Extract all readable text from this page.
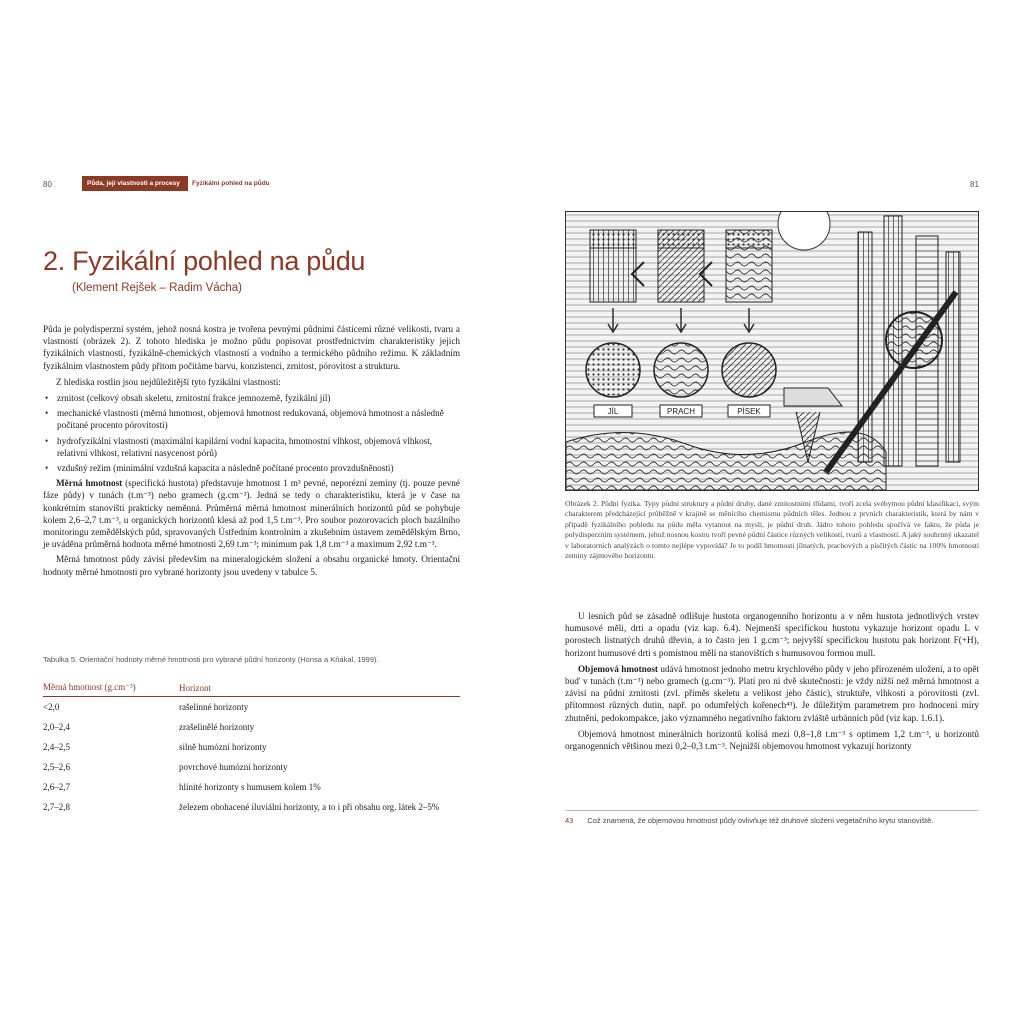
80	Půda, její vlastnosti a procesy	Fyzikální pohled na půdu	81
2. Fyzikální pohled na půdu
(Klement Rejšek – Radim Vácha)

Půda je polydisperzní systém, jehož nosná kostra je tvořena pevnými půdními částicemi různé velikosti, tvaru a vlastností (obrázek 2). Z tohoto hlediska je možno půdu popisovat prostřednictvím charakteristiky jejich fyzikálních vlastností, fyzikálně-chemických vlastností a vodního a termického půdního režimu. K základním fyzikálním vlastnostem půdy přitom počítáme barvu, konzistenci, zrnitost, pórovitost a strukturu.

Z hlediska rostlin jsou nejdůležitější tyto fyzikální vlastnosti:

• zrnitost (celkový obsah skeletu, zrnitostní frakce jemnozemě, fyzikální jíl)
• mechanické vlastnosti (měrná hmotnost, objemová hmotnost redukovaná, objemová hmotnost a následně počítané procento pórovitosti)
• hydrofyzikální vlastnosti (maximální kapilární vodní kapacita, hmotnostní vlhkost, objemová vlhkost, relativní vlhkost, relativní nasycenost pórů)
• vzdušný režim (minimální vzdušná kapacita a následně počítané procento provzdušněnosti)

Měrná hmotnost (specifická hustota) představuje hmotnost 1 m³ pevné, neporézní zeminy (tj. pouze pevné fáze půdy) v tunách (t.m⁻³) nebo gramech (g.cm⁻³). Jedná se tedy o charakteristiku, která je v čase na konkrétním stanovišti prakticky neměnná. Průměrná měrná hmotnost minerálních horizontů půd se pohybuje kolem 2,6–2,7 t.m⁻³, u organických horizontů klesá až pod 1,5 t.m⁻³. Pro soubor pozorovacích ploch bazálního monitoringu zemědělských půd, spravovaných Ústředním kontrolním a zkušebním ústavem zemědělským Brno, je uváděna průměrná hodnota měrné hmotnosti 2,69 t.m⁻³; minimum pak 1,8 t.m⁻³ a maximum 2,92 t.m⁻³.

Měrná hmotnost půdy závisí především na mineralogickém složení a obsahu organické hmoty. Orientační hodnoty měrné hmotnosti pro vybrané horizonty jsou uvedeny v tabulce 5.

Tabulka 5. Orientační hodnoty měrné hmotnosti pro vybrané půdní horizonty (Honsa a Kňákal, 1999).
Měrná hmotnost (g.cm⁻³)	Horizont
<2,0	rašelinné horizonty
2,0–2,4	zrašelinělé horizonty
2,4–2,5	silně humózní horizonty
2,5–2,6	povrchové humózní horizonty
2,6–2,7	hlinité horizonty s humusem kolem 1%
2,7–2,8	železem obohacené iluviální horizonty, a to i při obsahu org. látek 2–5%
JÍL	PRACH	PÍSEK

Obrázek 2. Půdní fyzika. Typy půdní struktury a půdní druhy, dané zrnitostními třídami, tvoří zcela svébytnou půdní klasifikaci, svým charakterem předcházející průběžně v krajině se měnícího chemismu půdních těles. Jednou z prvních charakteristik, která by nám v případě fyzikálního pohledu na půdu měla vytanout na mysli, je půdní druh. Jádro tohoto pohledu spočívá ve faktu, že půda je polydisperzním systémem, jehož nosnou kostru tvoří pevné půdní částice různých velikostí, tvarů a vlastností. A jaký souhrnný ukazatel v laboratorních analýzách o tomto nejlépe vypovídá? Je to podíl hmotnosti jílnatých, prachových a písčitých částic na 100% hmotnosti zeminy zájmového horizontu.

U lesních půd se zásadně odlišuje hustota organogenního horizontu a v něm hustota jednotlivých vrstev humusové měli, drti a opadu (viz kap. 6.4). Nejmenší specifickou hustotu vykazuje horizont opadu L v porostech listnatých druhů dřevin, a to často jen 1 g.cm⁻³; nejvyšší specifickou hustotu pak horizont F(+H), horizont humusové drti s pomístnou mělí na stanovištích s humusovou formou mull.

Objemová hmotnost udává hmotnost jednoho metru krychlového půdy v jeho přirozeném uložení, a to opět buď v tunách (t.m⁻³) nebo gramech (g.cm⁻³). Platí pro ni dvě skutečnosti: je vždy nižší než měrná hmotnost a závisí na půdní zrnitosti (zvl. příměs skeletu a velikost jeho částic), struktuře, vlhkosti a pórovitosti (zvl. přítomnost různých dutin, např. po odumřelých kořenech⁴³). Je důležitým parametrem pro hodnocení míry zhutnění, pedokompakce, jako významného negativního faktoru zvláště urbánních půd (viz kap. 1.6.1).

Objemová hmotnost minerálních horizontů kolísá mezi 0,8–1,8 t.m⁻³ s optimem 1,2 t.m⁻³, u horizontů organogenních většinou mezi 0,2–0,3 t.m⁻³. Nejnižší objemovou hmotnost vykazují horizonty

43 Což znamená, že objemovou hmotnost půdy ovlivňuje též druhové složení vegetačního krytu stanoviště.
